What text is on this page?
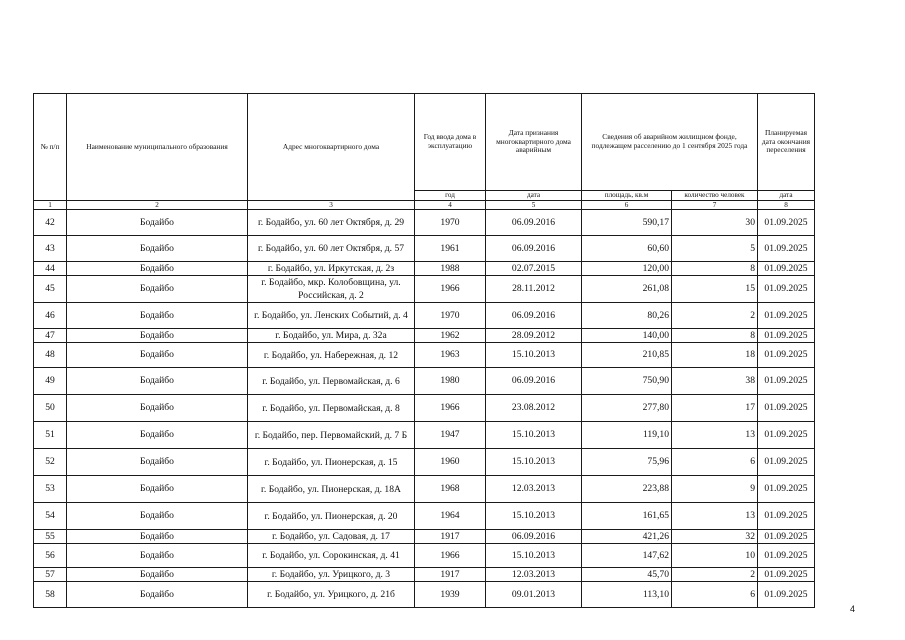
№ п/п	Наименование муниципального образования	Адрес многоквартирного дома	Год ввода дома в эксплуатацию	Дата признания многоквартирного дома аварийным	Сведения об аварийном жилищном фонде, подлежащем расселению до 1 сентября 2025 года		Планируемая дата окончания переселения
			год	дата	площадь, кв.м	количество человек	дата
1	2	3	4	5	6	7	8
42	Бодайбо	г. Бодайбо, ул. 60 лет Октября, д. 29	1970	06.09.2016	590,17	30	01.09.2025
43	Бодайбо	г. Бодайбо, ул. 60 лет Октября, д. 57	1961	06.09.2016	60,60	5	01.09.2025
44	Бодайбо	г. Бодайбо, ул. Иркутская, д. 2з	1988	02.07.2015	120,00	8	01.09.2025
45	Бодайбо	г. Бодайбо, мкр. Колобовщина, ул. Российская, д. 2	1966	28.11.2012	261,08	15	01.09.2025
46	Бодайбо	г. Бодайбо, ул. Ленских Событий, д. 4	1970	06.09.2016	80,26	2	01.09.2025
47	Бодайбо	г. Бодайбо, ул. Мира, д. 32а	1962	28.09.2012	140,00	8	01.09.2025
48	Бодайбо	г. Бодайбо, ул. Набережная, д. 12	1963	15.10.2013	210,85	18	01.09.2025
49	Бодайбо	г. Бодайбо, ул. Первомайская, д. 6	1980	06.09.2016	750,90	38	01.09.2025
50	Бодайбо	г. Бодайбо, ул. Первомайская, д. 8	1966	23.08.2012	277,80	17	01.09.2025
51	Бодайбо	г. Бодайбо, пер. Первомайский, д. 7 Б	1947	15.10.2013	119,10	13	01.09.2025
52	Бодайбо	г. Бодайбо, ул. Пионерская, д. 15	1960	15.10.2013	75,96	6	01.09.2025
53	Бодайбо	г. Бодайбо, ул. Пионерская, д. 18А	1968	12.03.2013	223,88	9	01.09.2025
54	Бодайбо	г. Бодайбо, ул. Пионерская, д. 20	1964	15.10.2013	161,65	13	01.09.2025
55	Бодайбо	г. Бодайбо, ул. Садовая, д. 17	1917	06.09.2016	421,26	32	01.09.2025
56	Бодайбо	г. Бодайбо, ул. Сорокинская, д. 41	1966	15.10.2013	147,62	10	01.09.2025
57	Бодайбо	г. Бодайбо, ул. Урицкого, д. 3	1917	12.03.2013	45,70	2	01.09.2025
58	Бодайбо	г. Бодайбо, ул. Урицкого, д. 21б	1939	09.01.2013	113,10	6	01.09.2025
4
